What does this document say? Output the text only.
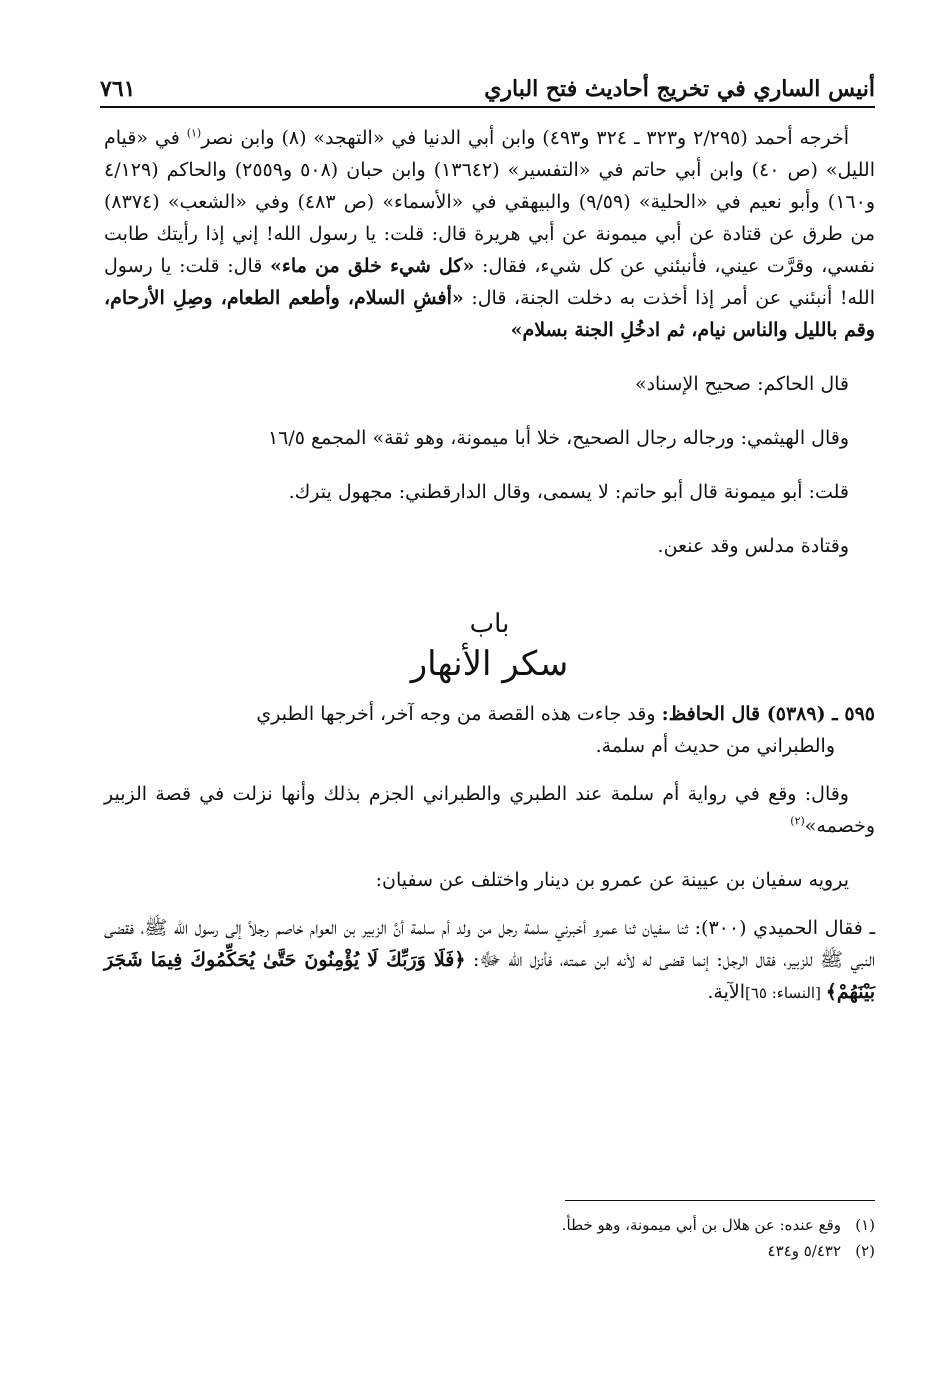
أنيس الساري في تخريج أحاديث فتح الباري
٧٦١

أخرجه أحمد (٢/٢٩٥ و٣٢٣ ـ ٣٢٤ و٤٩٣) وابن أبي الدنيا في «التهجد» (٨) وابن نصر$^{(١)}$ في «قيام الليل» (ص ٤٠) وابن أبي حاتم في «التفسير» (١٣٦٤٢) وابن حبان (٥٠٨ و٢٥٥٩) والحاكم (٤/١٢٩ و١٦٠) وأبو نعيم في «الحلية» (٩/٥٩) والبيهقي في «الأسماء» (ص ٤٨٣) وفي «الشعب» (٨٣٧٤) من طرق عن قتادة عن أبي ميمونة عن أبي هريرة قال: قلت: يا رسول الله! إني إذا رأيتك طابت نفسي، وقرَّت عيني، فأنبئني عن كل شيء، فقال: «كل شيء خلق من ماء» قال: قلت: يا رسول الله! أنبئني عن أمر إذا أخذت به دخلت الجنة، قال: «أفشِ السلام، وأطعم الطعام، وصِلِ الأرحام، وقم بالليل والناس نيام، ثم ادخُلِ الجنة بسلام»

قال الحاكم: صحيح الإسناد»

وقال الهيثمي: ورجاله رجال الصحيح، خلا أبا ميمونة، وهو ثقة» المجمع ١٦/٥

قلت: أبو ميمونة قال أبو حاتم: لا يسمى، وقال الدارقطني: مجهول يترك.

وقتادة مدلس وقد عنعن.

باب
سكر الأنهار

٥٩٥ ـ (٥٣٨٩) قال الحافظ: وقد جاءت هذه القصة من وجه آخر، أخرجها الطبري

والطبراني من حديث أم سلمة.

وقال: وقع في رواية أم سلمة عند الطبري والطبراني الجزم بذلك وأنها نزلت في قصة الزبير وخصمه»$^{(٢)}$

يرويه سفيان بن عيينة عن عمرو بن دينار واختلف عن سفيان:

ـ فقال الحميدي (٣٠٠): ثنا سفيان ثنا عمرو أخبرني سلمة رجل من ولد أم سلمة أنَّ الزبير بن العوام خاصم رجلاً إلى رسول الله ﷺ، فقضى النبي ﷺ للزبير، فقال الرجل: إنما قضى له لأنه ابن عمته، فأنزل الله ﷻ: ﴿فَلَا وَرَبِّكَ لَا يُؤْمِنُونَ حَتَّىٰ يُحَكِّمُوكَ فِيمَا شَجَرَ بَيْنَهُمْ﴾ [النساء: ٦٥]الآية.

(١)وقع عنده: عن هلال بن أبي ميمونة، وهو خطأ.

(٢)٥/٤٣٢ و٤٣٤
